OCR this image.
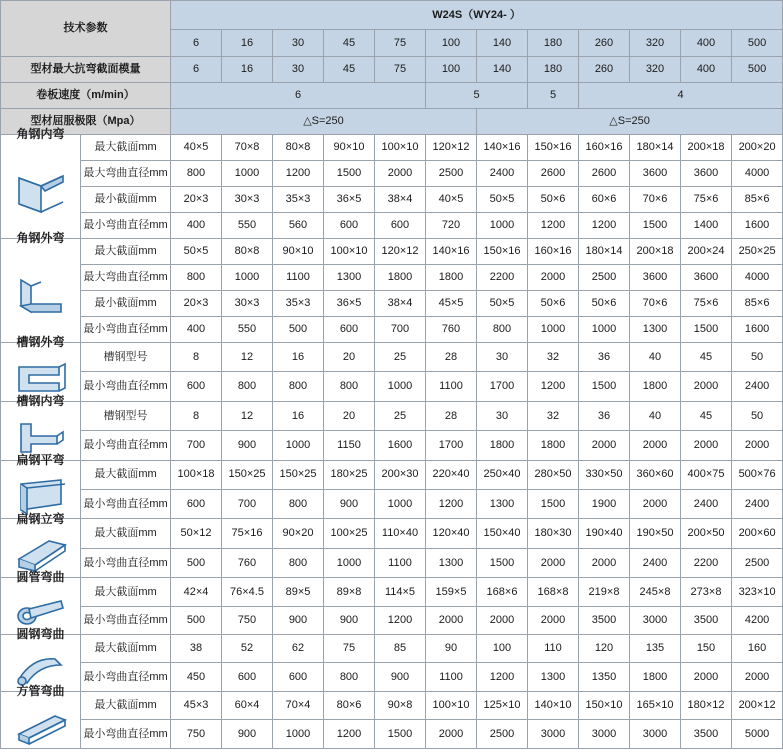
技术参数		W24S（WY24- ）											
		6	16	30	45	75	100	140	180	260	320	400	500
型材最大抗弯截面模量		6	16	30	45	75	100	140	180	260	320	400	500
卷板速度（m/min）		6					5		5	4			
型材屈服极限（Mpa）		△S=250						△S=250					

角钢内弯	最大截面mm	40×5	70×8	80×8	90×10	100×10	120×12	140×16	150×16	160×16	180×14	200×18	200×20
	最大弯曲直径mm	800	1000	1200	1500	2000	2500	2400	2600	2600	3600	3600	4000
	最小截面mm	20×3	30×3	35×3	36×5	38×4	40×5	50×5	50×6	60×6	70×6	75×6	85×6
	最小弯曲直径mm	400	550	560	600	600	720	1000	1200	1200	1500	1400	1600

角钢外弯	最大截面mm	50×5	80×8	90×10	100×10	120×12	140×16	150×16	160×16	180×14	200×18	200×24	250×25
	最大弯曲直径mm	800	1000	1100	1300	1800	1800	2200	2000	2500	3600	3600	4000
	最小截面mm	20×3	30×3	35×3	36×5	38×4	45×5	50×5	50×6	50×6	70×6	75×6	85×6
	最小弯曲直径mm	400	550	500	600	700	760	800	1000	1000	1300	1500	1600

槽钢外弯	槽钢型号	8	12	16	20	25	28	30	32	36	40	45	50
	最小弯曲直径mm	600	800	800	800	1000	1100	1700	1200	1500	1800	2000	2400

槽钢内弯	槽钢型号	8	12	16	20	25	28	30	32	36	40	45	50
	最小弯曲直径mm	700	900	1000	1150	1600	1700	1800	1800	2000	2000	2000	2000

扁钢平弯	最大截面mm	100×18	150×25	150×25	180×25	200×30	220×40	250×40	280×50	330×50	360×60	400×75	500×76
	最小弯曲直径mm	600	700	800	900	1000	1200	1300	1500	1900	2000	2400	2400

扁钢立弯	最大截面mm	50×12	75×16	90×20	100×25	110×40	120×40	150×40	180×30	190×40	190×50	200×50	200×60
	最小弯曲直径mm	500	760	800	1000	1100	1300	1500	2000	2000	2400	2200	2500

圆管弯曲	最大截面mm	42×4	76×4.5	89×5	89×8	114×5	159×5	168×6	168×8	219×8	245×8	273×8	323×10
	最小弯曲直径mm	500	750	900	900	1200	2000	2000	2000	3500	3000	3500	4200

圆钢弯曲	最大截面mm	38	52	62	75	85	90	100	110	120	135	150	160
	最小弯曲直径mm	450	600	600	800	900	1100	1200	1300	1350	1800	2000	2000

方管弯曲	最大截面mm	45×3	60×4	70×4	80×6	90×8	100×10	125×10	140×10	150×10	165×10	180×12	200×12
	最小弯曲直径mm	750	900	1000	1200	1500	2000	2500	3000	3000	3000	3500	5000
